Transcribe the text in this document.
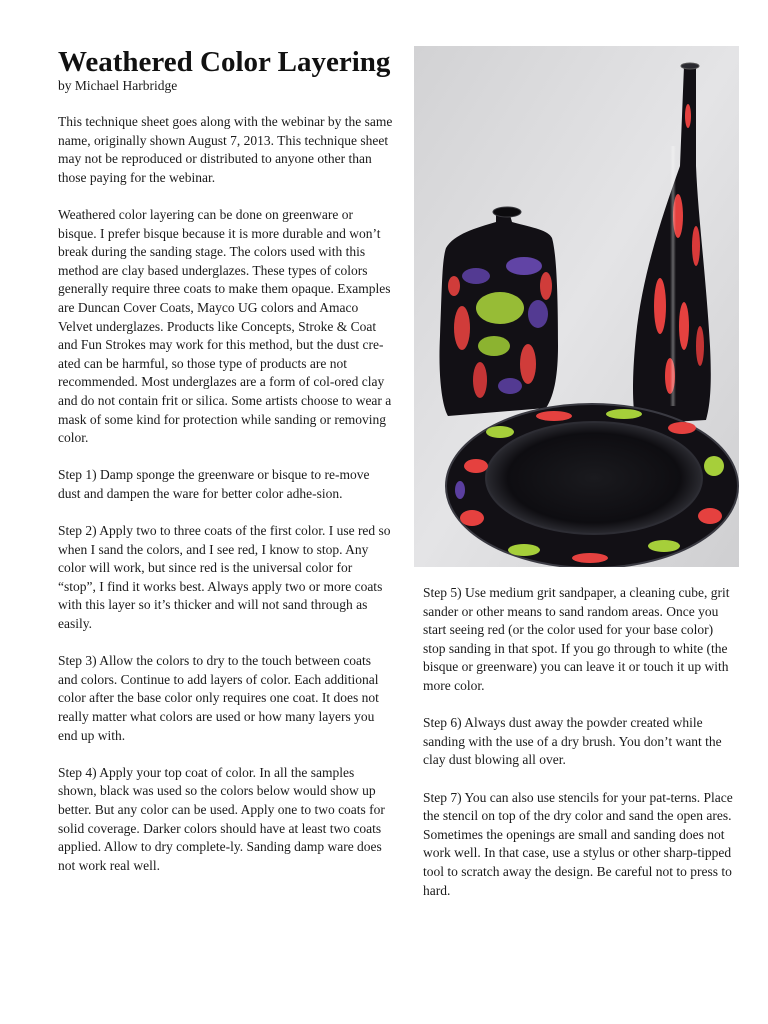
Weathered Color Layering
by Michael Harbridge

This technique sheet goes along with the webinar by the same name, originally shown August 7, 2013. This technique sheet may not be reproduced or distributed to anyone other than those paying for the webinar.

Weathered color layering can be done on greenware or bisque. I prefer bisque because it is more durable and won’t break during the sanding stage. The colors used with this method are clay based underglazes. These types of colors generally require three coats to make them opaque. Examples are Duncan Cover Coats, Mayco UG colors and Amaco Velvet underglazes. Products like Concepts, Stroke & Coat and Fun Strokes may work for this method, but the dust cre-ated can be harmful, so those type of products are not recommended. Most underglazes are a form of col-ored clay and do not contain frit or silica. Some artists choose to wear a mask of some kind for protection while sanding or removing color.

Step 1) Damp sponge the greenware or bisque to re-move dust and dampen the ware for better color adhe-sion.

Step 2) Apply two to three coats of the first color. I use red so when I sand the colors, and I see red, I know to stop. Any color will work, but since red is the universal color for “stop”, I find it works best. Always apply two or more coats with this layer so it’s thicker and will not sand through as easily.

Step 3) Allow the colors to dry to the touch between coats and colors. Continue to add layers of color. Each additional color after the base color only requires one coat. It does not really matter what colors are used or how many layers you end up with.

Step 4) Apply your top coat of color. In all the samples shown, black was used so the colors below would show up better. But any color can be used. Apply one to two coats for solid coverage. Darker colors should have at least two coats applied. Allow to dry complete-ly. Sanding damp ware does not work real well.

Step 5) Use medium grit sandpaper, a cleaning cube, grit sander or other means to sand random areas. Once you start seeing red (or the color used for your base color) stop sanding in that spot. If you go through to white (the bisque or greenware) you can leave it or touch it up with more color.

Step 6) Always dust away the powder created while sanding with the use of a dry brush. You don’t want the clay dust blowing all over.

Step 7) You can also use stencils for your pat-terns. Place the stencil on top of the dry color and sand the open ares. Sometimes the openings are small and sanding does not work well. In that case, use a stylus or other sharp-tipped tool to scratch away the design. Be careful not to press to hard.
